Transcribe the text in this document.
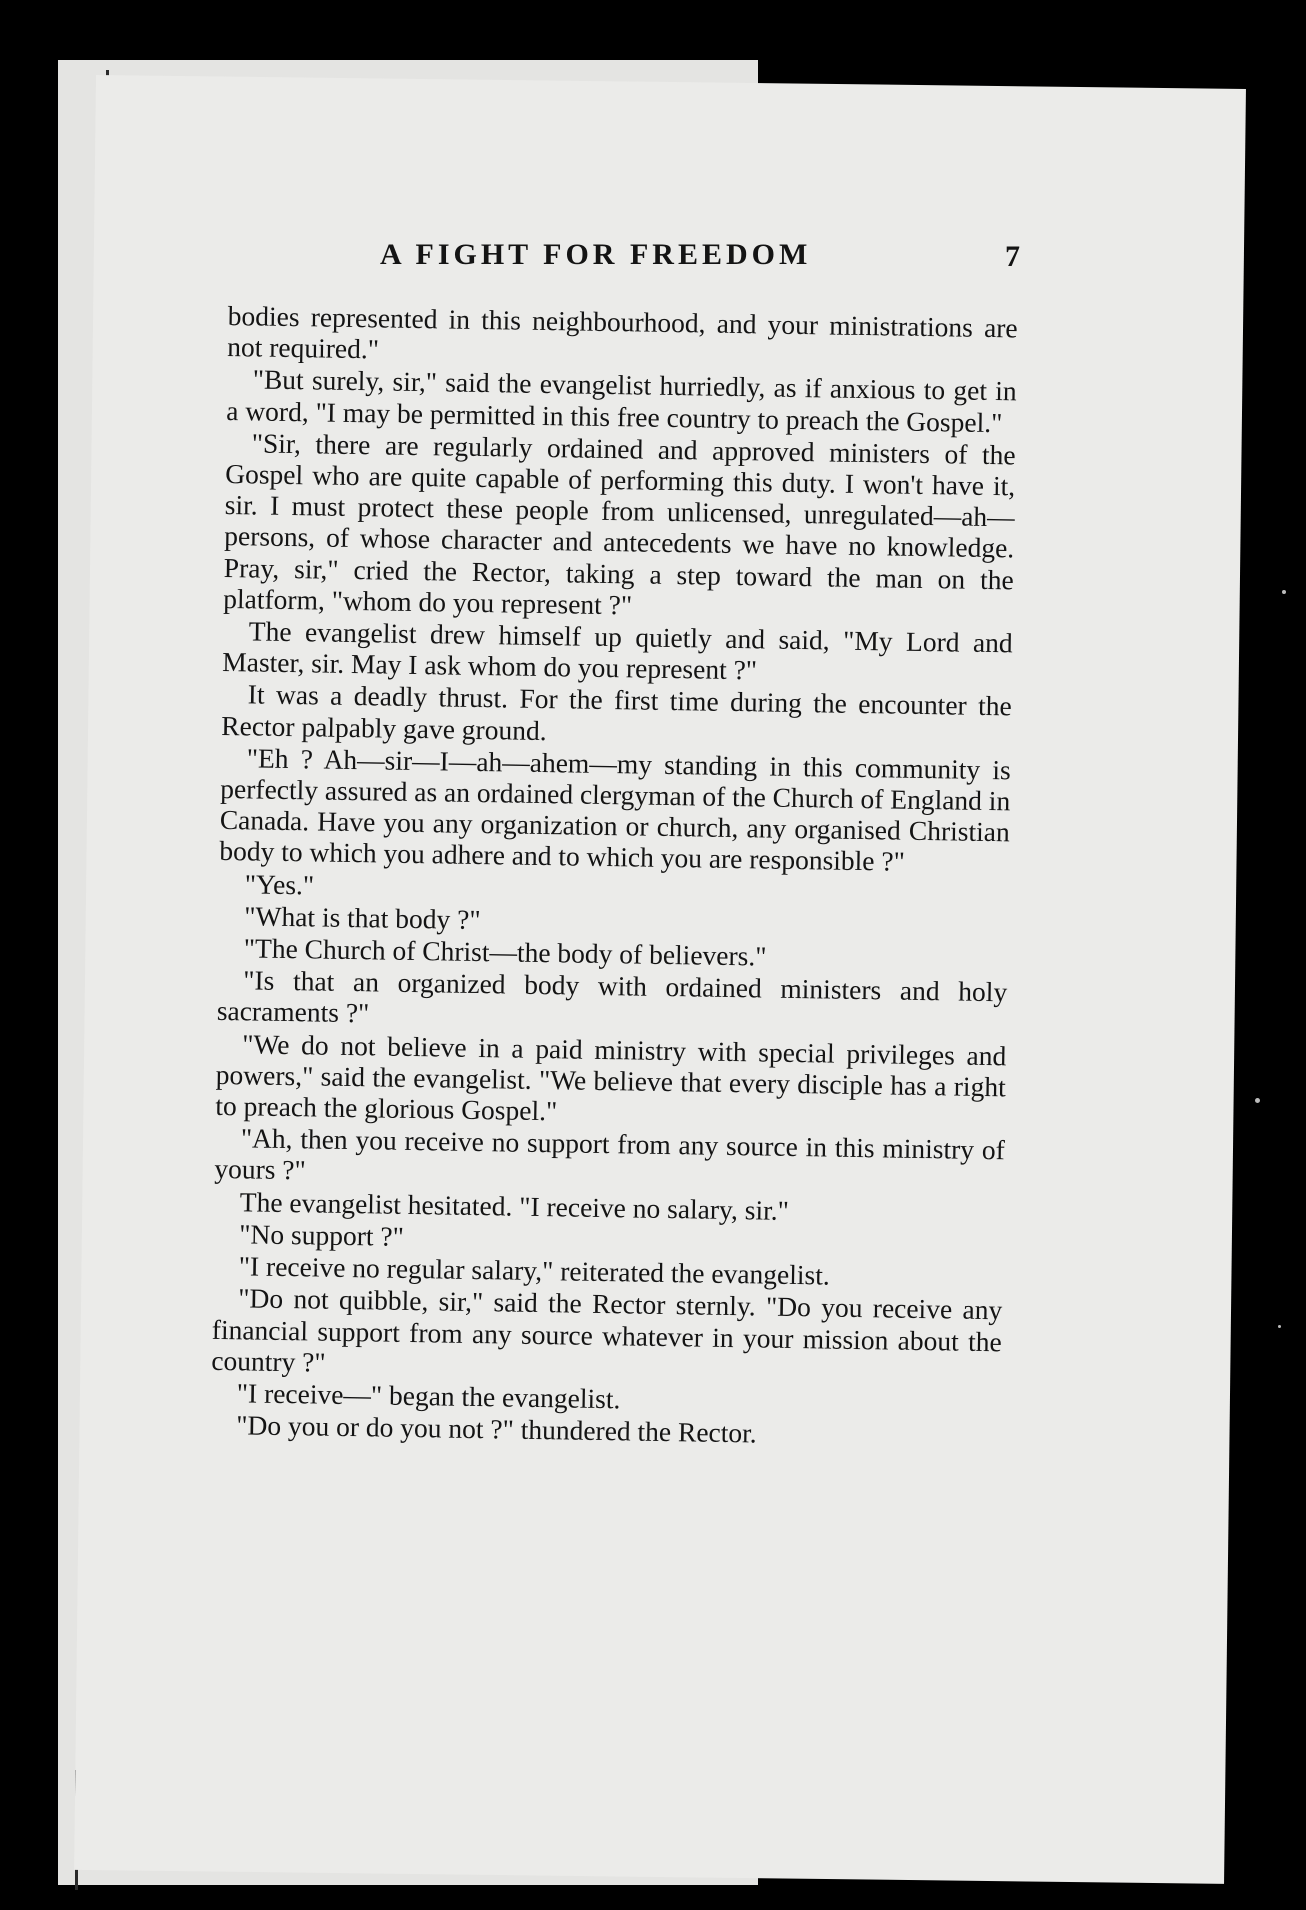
A FIGHT FOR FREEDOM	7

bodies represented in this n⁠⁠eighbourhood, and your ministrations are not required."

"But surely, sir," said the evangelist hurriedly, as if anxious to get in a word, "I may be permitted in this free country to preach the Gospel."

"Sir, there are regularly ordained and approved ministers of the Gospel who are quite capable of performing this duty. I won't have it, sir. I must protect these people from unlicensed, unregulated—ah—persons, of whose character and antecedents we have no knowledge. Pray, sir," cried the Rector, taking a step toward the man on the platform, "whom do you represent ?"

The evangelist drew himself up quietly and said, "My Lord and Master, sir. May I ask whom do you represent ?"

It was a deadly thrust. For the first time during the encounter the Rector palpably gave ground.

"Eh ? Ah—sir—I—ah—ahem—my standing in this community is perfectly assured as an ordained clergyman of the Church of England in Canada. Have you any organization or church, any organised Christian body to which you adhere and to which you are responsible ?"

"Yes."

"What is that body ?"

"The Church of Christ—the body of believers."

"Is that an organized body with ordained ministers and holy sacraments ?"

"We do not believe in a paid ministry with special privileges and powers," said the evangelist. "We believe that every disciple has a right to preach the glorious Gospel."

"Ah, then you receive no support from any source in this ministry of yours ?"

The evangelist hesitated. "I receive no salary, sir."

"No support ?"

"I receive no regular salary," reiterated the evangelist.

"Do not quibble, sir," said the Rector sternly. "Do you receive any financial support from any source whatever in your mission about the country ?"

"I receive—" began the evangelist.

"Do you or do you not ?" thundered the Rector.
